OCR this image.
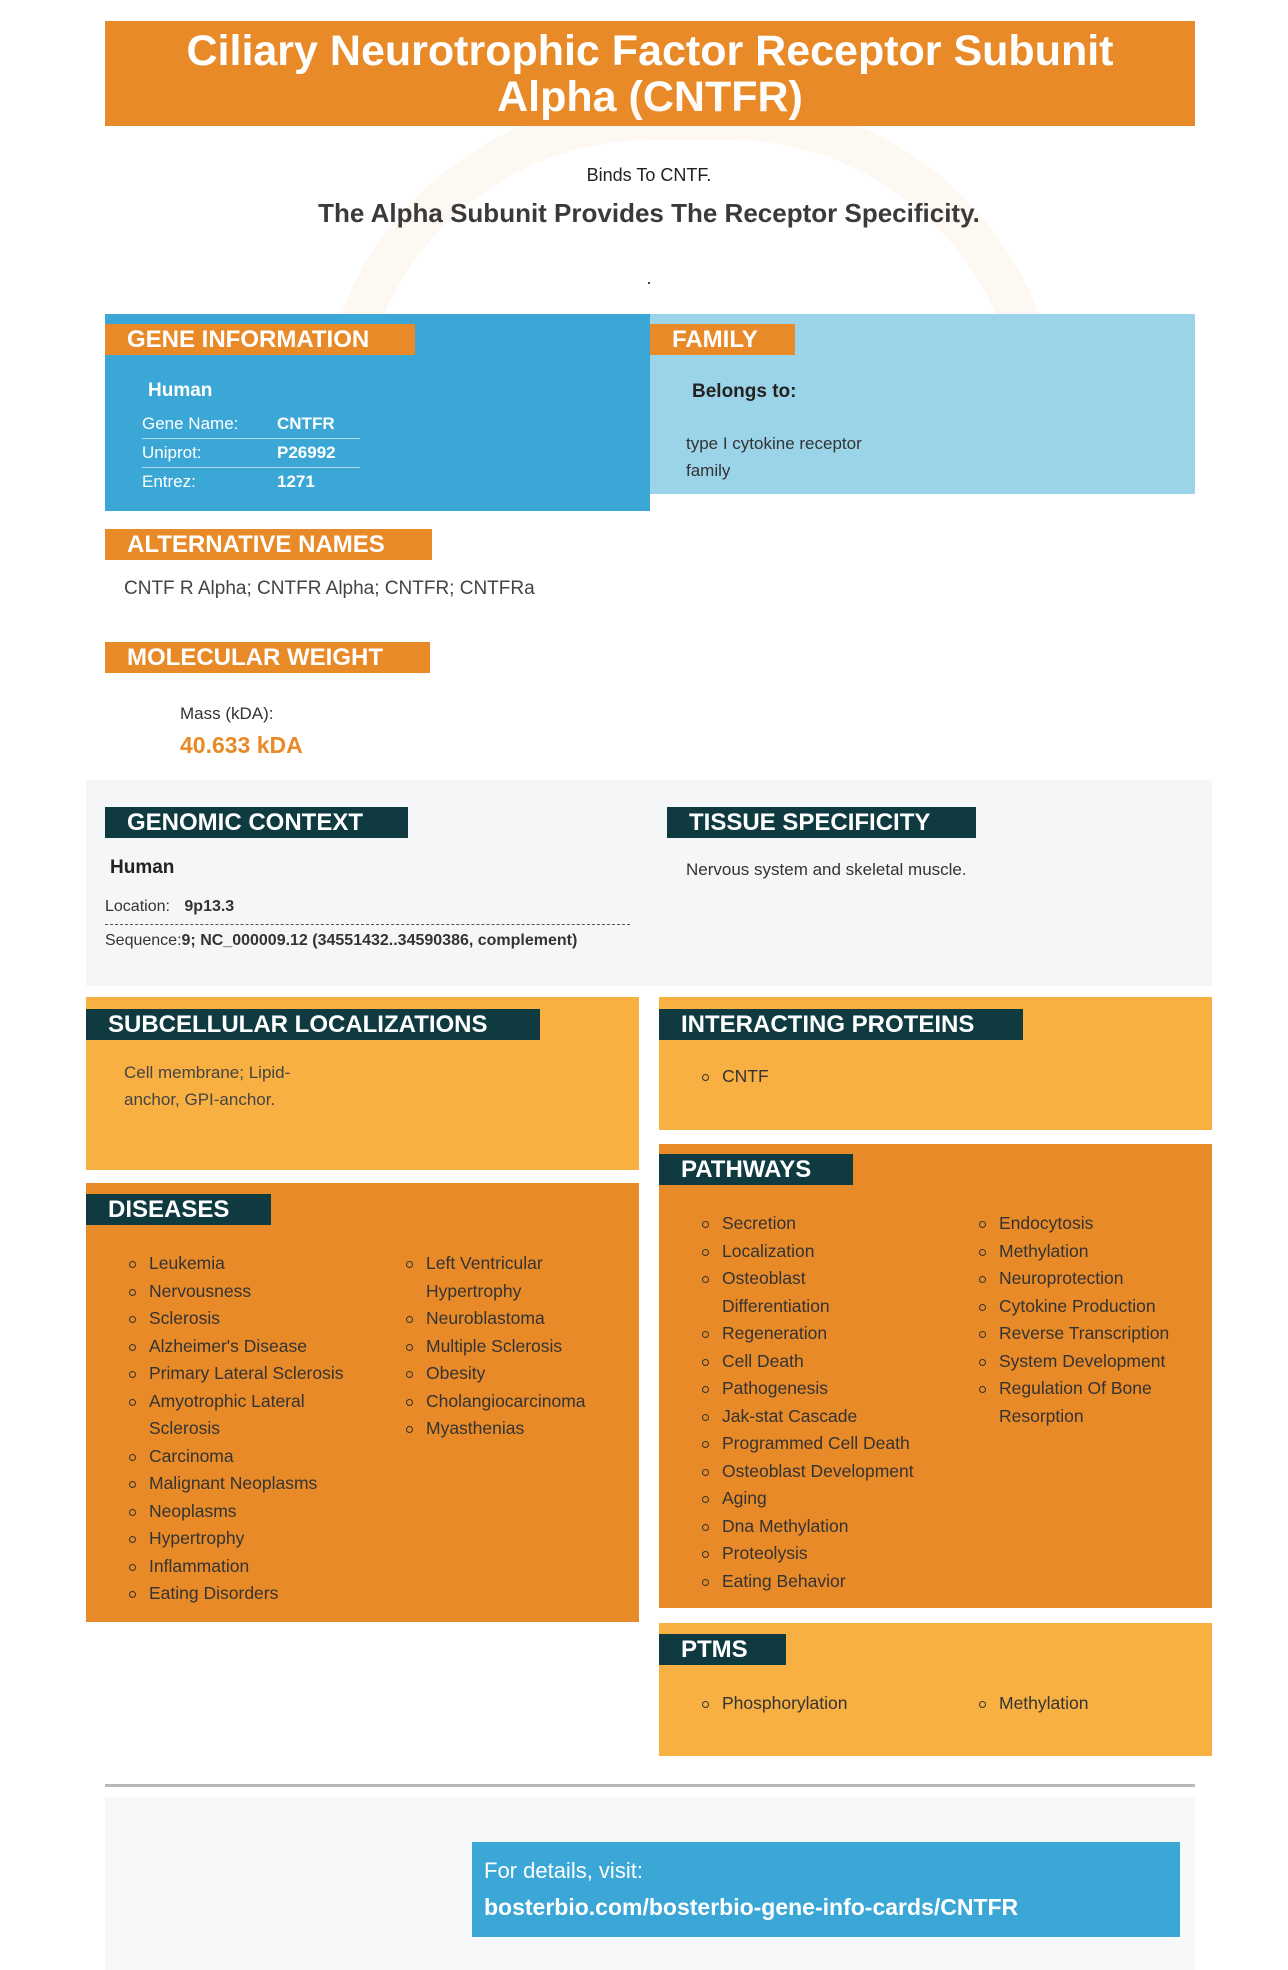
Ciliary Neurotrophic Factor Receptor Subunit Alpha (CNTFR)
Binds To CNTF.
The Alpha Subunit Provides The Receptor Specificity.
.
GENE INFORMATION
Human
Gene Name:	CNTFR
Uniprot:	P26992
Entrez:	1271
FAMILY
Belongs to:
type I cytokine receptor
family
ALTERNATIVE NAMES
CNTF R Alpha; CNTFR Alpha; CNTFR; CNTFRa
MOLECULAR WEIGHT
Mass (kDA):
40.633 kDA
GENOMIC CONTEXT
Human
Location: 9p13.3
Sequence:9; NC_000009.12 (34551432..34590386, complement)
TISSUE SPECIFICITY
Nervous system and skeletal muscle.
SUBCELLULAR LOCALIZATIONS
Cell membrane; Lipid-
anchor, GPI-anchor.
INTERACTING PROTEINS
CNTF
DISEASES
Leukemia
Nervousness
Sclerosis
Alzheimer's Disease
Primary Lateral Sclerosis
Amyotrophic Lateral Sclerosis
Carcinoma
Malignant Neoplasms
Neoplasms
Hypertrophy
Inflammation
Eating Disorders
Left Ventricular Hypertrophy
Neuroblastoma
Multiple Sclerosis
Obesity
Cholangiocarcinoma
Myasthenias
PATHWAYS
Secretion
Localization
Osteoblast Differentiation
Regeneration
Cell Death
Pathogenesis
Jak-stat Cascade
Programmed Cell Death
Osteoblast Development
Aging
Dna Methylation
Proteolysis
Eating Behavior
Endocytosis
Methylation
Neuroprotection
Cytokine Production
Reverse Transcription
System Development
Regulation Of Bone Resorption
PTMS
Phosphorylation	Methylation
For details, visit:
bosterbio.com/bosterbio-gene-info-cards/CNTFR
